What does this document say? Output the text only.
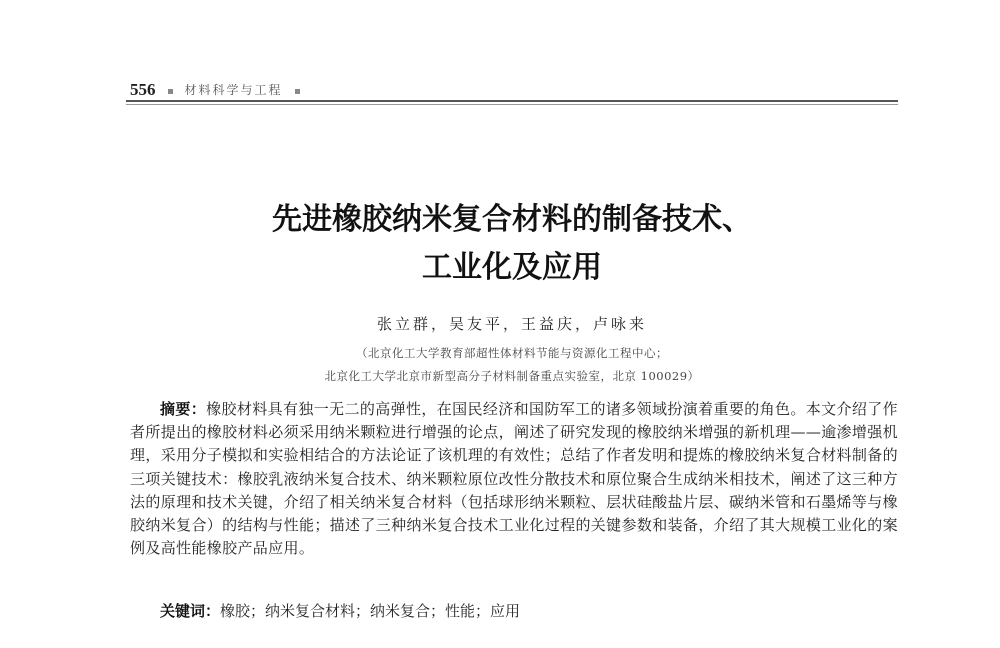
556 材料科学与工程
先进橡胶纳米复合材料的制备技术、
工业化及应用
张立群，吴友平，王益庆，卢咏来
（北京化工大学教育部超性体材料节能与资源化工程中心；
北京化工大学北京市新型高分子材料制备重点实验室，北京 100029）
摘要：橡胶材料具有独一无二的高弹性，在国民经济和国防军工的诸多领域扮演着重要的角色。本文介绍了作者所提出的橡胶材料必须采用纳米颗粒进行增强的论点，阐述了研究发现的橡胶纳米增强的新机理——逾渗增强机理，采用分子模拟和实验相结合的方法论证了该机理的有效性；总结了作者发明和提炼的橡胶纳米复合材料制备的三项关键技术：橡胶乳液纳米复合技术、纳米颗粒原位改性分散技术和原位聚合生成纳米相技术，阐述了这三种方法的原理和技术关键，介绍了相关纳米复合材料（包括球形纳米颗粒、层状硅酸盐片层、碳纳米管和石墨烯等与橡胶纳米复合）的结构与性能；描述了三种纳米复合技术工业化过程的关键参数和装备，介绍了其大规模工业化的案例及高性能橡胶产品应用。
关键词：橡胶；纳米复合材料；纳米复合；性能；应用
